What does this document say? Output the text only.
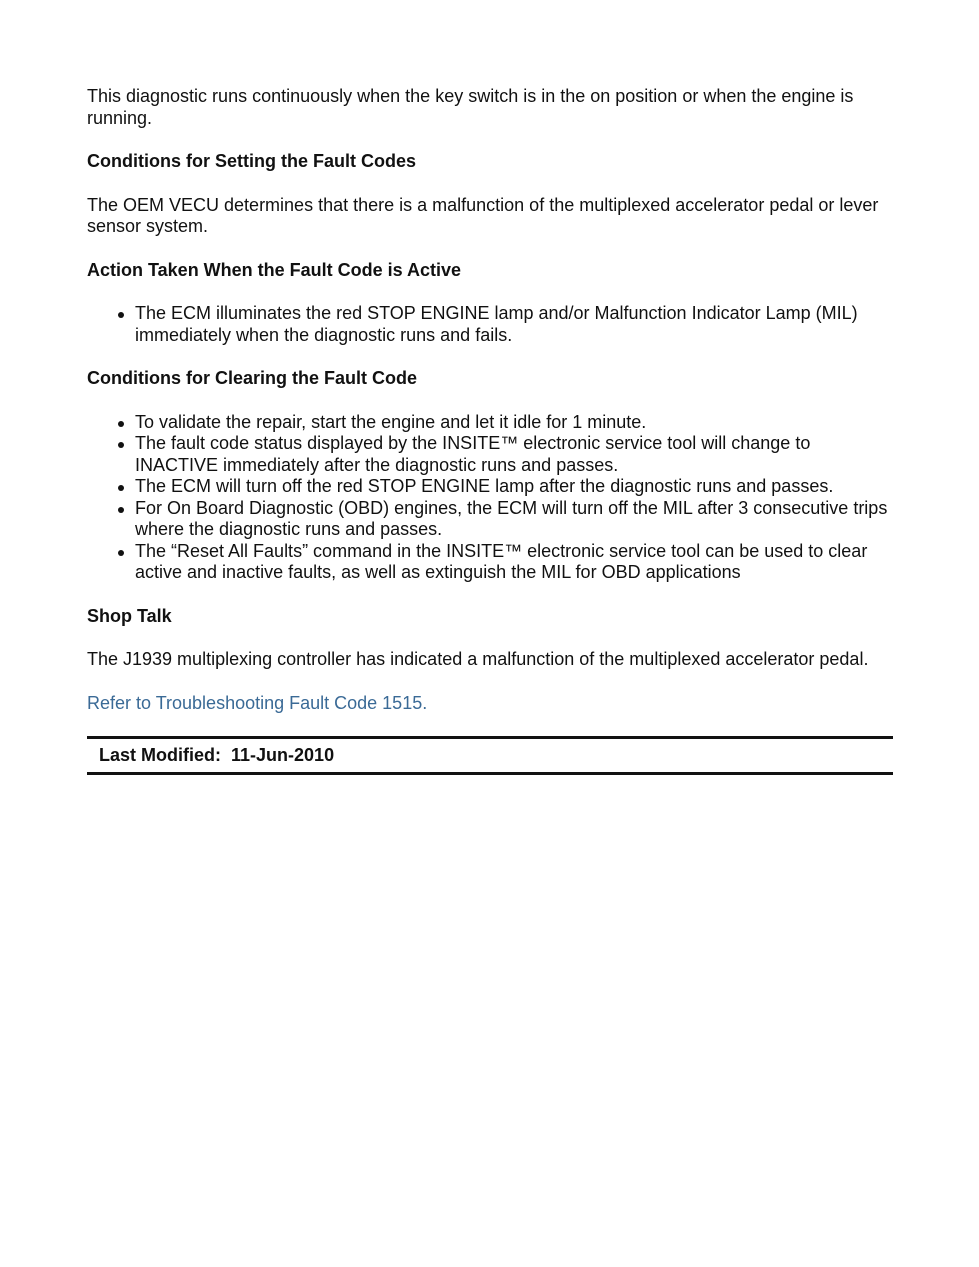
This diagnostic runs continuously when the key switch is in the on position or when the engine is running.

Conditions for Setting the Fault Codes

The OEM VECU determines that there is a malfunction of the multiplexed accelerator pedal or lever sensor system.

Action Taken When the Fault Code is Active

The ECM illuminates the red STOP ENGINE lamp and/or Malfunction Indicator Lamp (MIL) immediately when the diagnostic runs and fails.

Conditions for Clearing the Fault Code

To validate the repair, start the engine and let it idle for 1 minute.
The fault code status displayed by the INSITE™ electronic service tool will change to INACTIVE immediately after the diagnostic runs and passes.
The ECM will turn off the red STOP ENGINE lamp after the diagnostic runs and passes.
For On Board Diagnostic (OBD) engines, the ECM will turn off the MIL after 3 consecutive trips where the diagnostic runs and passes.
The “Reset All Faults” command in the INSITE™ electronic service tool can be used to clear active and inactive faults, as well as extinguish the MIL for OBD applications

Shop Talk

The J1939 multiplexing controller has indicated a malfunction of the multiplexed accelerator pedal.

Refer to Troubleshooting Fault Code 1515.

Last Modified: 11-Jun-2010
